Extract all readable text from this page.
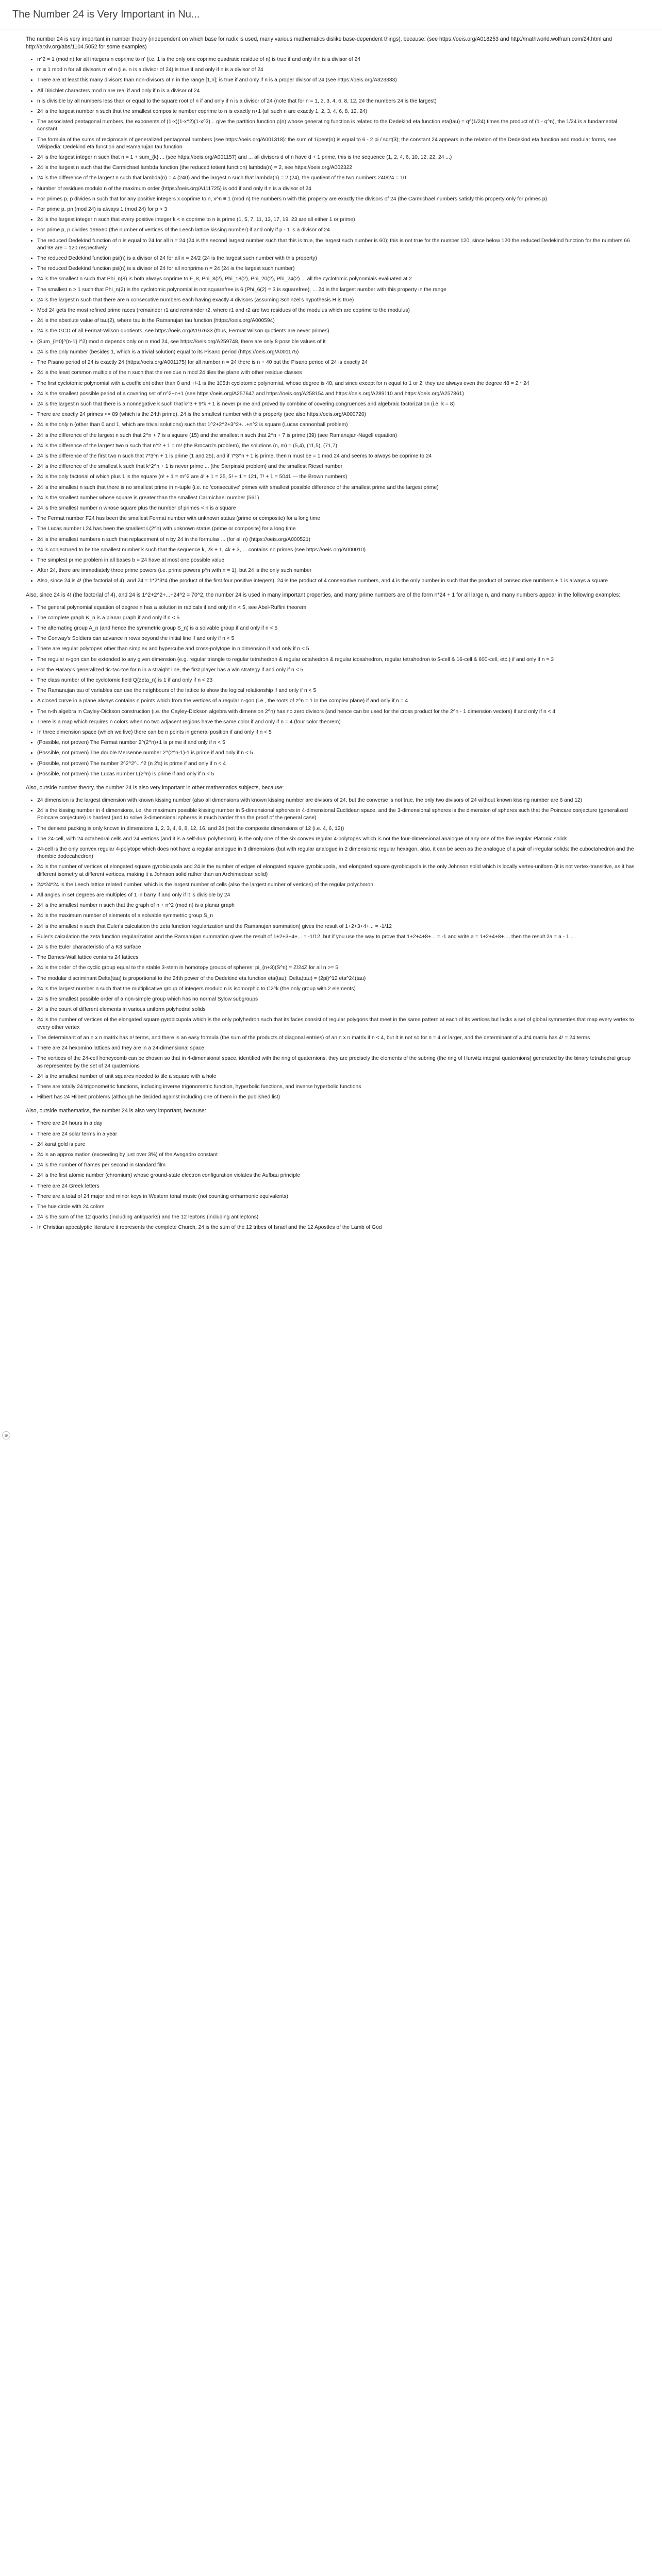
The Number 24 is Very Important in Nu...
⊕

The number 24 is very important in number theory (independent on which base for radix is used, many various mathematics dislike base-dependent things), because: (see https://oeis.org/A018253 and http://mathworld.wolfram.com/24.html and http://arxiv.org/abs/1104.5052 for some examples)

• n^2 = 1 (mod n) for all integers n coprime to n' (i.e. 1 is the only one coprime quadratic residue of n) is true if and only if n is a divisor of 24
• m ≡ 1 mod n for all divisors m of n (i.e. n is a divisor of 24) is true if and only if n is a divisor of 24
• There are at least this many divisors than non-divisors of n in the range [1,n]; is true if and only if n is a proper divisor of 24 (see https://oeis.org/A323383)
• All Dirichlet characters mod n are real if and only if n is a divisor of 24
• n is divisible by all numbers less than or equal to the square root of n if and only if n is a divisor of 24 (note that for n = 1, 2, 3, 4, 6, 8, 12, 24 the numbers 24 is the largest)
• 24 is the largest number n such that the smallest composite number coprime to n is exactly n+1 (all such n are exactly 1, 2, 3, 4, 6, 8, 12, 24)
• The associated pentagonal numbers, the exponents of (1-x)(1-x^2)(1-x^3)... give the partition function p(n) whose generating function is related to the Dedekind eta function eta(tau) = q^(1/24) times the product of (1 - q^n), the 1/24 is a fundamental constant
• The formula of the sums of reciprocals of generalized pentagonal numbers (see https://oeis.org/A001318): the sum of 1/pent(n) is equal to 6 - 2 pi / sqrt(3); the constant 24 appears in the relation of the Dedekind eta function and modular forms, see Wikipedia: Dedekind eta function and Ramanujan tau function
• 24 is the largest integer n such that n = 1 + sum_{k} ... (see https://oeis.org/A001157) and ... all divisors d of n have d + 1 prime, this is the sequence (1, 2, 4, 6, 10, 12, 22, 24 ...)
• 24 is the largest n such that the Carmichael lambda function (the reduced totient function) lambda(n) = 2, see https://oeis.org/A002322
• 24 is the difference of the largest n such that lambda(n) = 4 (240) and the largest n such that lambda(n) = 2 (24), the quotient of the two numbers 240/24 = 10
• Number of residues modulo n of the maximum order (https://oeis.org/A111725) is odd if and only if n is a divisor of 24
• For primes p, p divides n such that for any positive integers x coprime to n, x^n ≡ 1 (mod n) the numbers n with this property are exactly the divisors of 24 (the Carmichael numbers satisfy this property only for primes p)
• For prime p, pn (mod 24) is always 1 (mod 24) for p > 3
• 24 is the largest integer n such that every positive integer k < n coprime to n is prime (1, 5, 7, 11, 13, 17, 19, 23 are all either 1 or prime)
• For prime p, p divides 196560 (the number of vertices of the Leech lattice kissing number) if and only if p - 1 is a divisor of 24
• The reduced Dedekind function of n is equal to 24 for all n = 24 (24 is the second largest number such that this is true, the largest such number is 60); this is not true for the number 120, since below 120 the reduced Dedekind function for the numbers 66 and 98 are = 120 respectively
• The reduced Dedekind function psi(n) is a divisor of 24 for all n = 24/2 (24 is the largest such number with this property)
• The reduced Dedekind function psi(n) is a divisor of 24 for all nonprime n = 24 (24 is the largest such number)
• 24 is the smallest n such that Phi_n(8) is both always coprime to F_8, Phi_8(2), Phi_18(2), Phi_20(2), Phi_24(2) ... all the cyclotomic polynomials evaluated at 2
• The smallest n > 1 such that Phi_n(2) is the cyclotomic polynomial is not squarefree is 6 (Phi_6(2) = 3 is squarefree), ... 24 is the largest number with this property in the range
• 24 is the largest n such that there are n consecutive numbers each having exactly 4 divisors (assuming Schinzel's hypothesis H is true)
• Mod 24 gets the most refined prime races (remainder r1 and remainder r2, where r1 and r2 are two residues of the modulus which are coprime to the modulus)
• 24 is the absolute value of tau(2), where tau is the Ramanujan tau function (https://oeis.org/A000594)
• 24 is the GCD of all Fermat-Wilson quotients, see https://oeis.org/A197633 (thus, Fermat Wilson quotients are never primes)
• (Sum_{i=0}^{n-1} i^2) mod n depends only on n mod 24, see https://oeis.org/A259748, there are only 8 possible values of it
• 24 is the only number (besides 1, which is a trivial solution) equal to its Pisano period (https://oeis.org/A001175)
• The Pisano period of 24 is exactly 24 (https://oeis.org/A001175) for all number n = 24 there is n + 40 but the Pisano period of 24 is exactly 24
• 24 is the least common multiple of the n such that the residue n mod 24 tiles the plane with other residue classes
• The first cyclotomic polynomial with a coefficient other than 0 and +/-1 is the 105th cyclotomic polynomial, whose degree is 48, and since except for n equal to 1 or 2, they are always even the degree 48 = 2 * 24
• 24 is the smallest possible period of a covering set of n^2+n+1 (see https://oeis.org/A257647 and https://oeis.org/A258154 and https://oeis.org/A289110 and https://oeis.org/A257861)
• 24 is the largest n such that there is a nonnegative k such that k^3 + 9*k + 1 is never prime and proved by combine of covering congruences and algebraic factorization (i.e. k = 8)
• There are exactly 24 primes <= 89 (which is the 24th prime), 24 is the smallest number with this property (see also https://oeis.org/A000720)
• 24 is the only n (other than 0 and 1, which are trivial solutions) such that 1^2+2^2+3^2+...+n^2 is square (Lucas cannonball problem)
• 24 is the difference of the largest n such that 2^n + 7 is a square (15) and the smallest n such that 2^n + 7 is prime (39) (see Ramanujan-Nagell equation)
• 24 is the difference of the largest two n such that n^2 + 1 = m! (the Brocard's problem), the solutions (n, m) = (5,4), (11,5), (71,7)
• 24 is the difference of the first two n such that 7*3^n + 1 is prime (1 and 25), and if 7*3^n + 1 is prime, then n must be = 1 mod 24 and seems to always be coprime to 24
• 24 is the difference of the smallest k such that k*2^n + 1 is never prime ... (the Sierpinski problem) and the smallest Riesel number
• 24 is the only factorial of which plus 1 is the square (n! + 1 = m^2 are 4! + 1 = 25, 5! + 1 = 121, 7! + 1 = 5041 — the Brown numbers)
• 24 is the smallest n such that there is no smallest prime in n-tuple (i.e. no 'consecutive' primes with smallest possible difference of the smallest prime and the largest prime)
• 24 is the smallest number whose square is greater than the smallest Carmichael number (561)
• 24 is the smallest number n whose square plus the number of primes < n is a square
• The Fermat number F24 has been the smallest Fermat number with unknown status (prime or composite) for a long time
• The Lucas number L24 has been the smallest L(2^n) with unknown status (prime or composite) for a long time
• 24 is the smallest numbers n such that replacement of n by 24 in the formulas ... (for all n) (https://oeis.org/A000521)
• 24 is conjectured to be the smallest number k such that the sequence k, 2k + 1, 4k + 3, ... contains no primes (see https://oeis.org/A000010)
• The simplest prime problem in all bases b = 24 have at most one possible value
• After 24, there are immediately three prime powers (i.e. prime powers p^n with n = 1), but 24 is the only such number
• Also, since 24 is 4! (the factorial of 4), and 24 = 1*2*3*4 (the product of the first four positive integers), 24 is the product of 4 consecutive numbers, and 4 is the only number in such that the product of consecutive numbers + 1 is always a square

Also, since 24 is 4! (the factorial of 4), and 24 is 1^2+2^2+...+24^2 = 70^2, the number 24 is used in many important properties, and many prime numbers are of the form n*24 + 1 for all large n, and many numbers appear in the following examples:

• The general polynomial equation of degree n has a solution in radicals if and only if n < 5, see Abel-Ruffini theorem
• The complete graph K_n is a planar graph if and only if n < 5
• The alternating group A_n (and hence the symmetric group S_n) is a solvable group if and only if n < 5
• The Conway's Soldiers can advance n rows beyond the initial line if and only if n < 5
• There are regular polytopes other than simplex and hypercube and cross-polytope in n dimension if and only if n < 5
• The regular n-gon can be extended to any given dimension (e.g. regular triangle to regular tetrahedron & regular octahedron & regular icosahedron, regular tetrahedron to 5-cell & 16-cell & 600-cell, etc.) if and only if n = 3
• For the Harary's generalized tic-tac-toe for n in a straight line, the first player has a win strategy if and only if n < 5
• The class number of the cyclotomic field Q(zeta_n) is 1 if and only if n < 23
• The Ramanujan tau of variables can use the neighbours of the lattice to show the logical relationship if and only if n < 5
• A closed curve in a plane always contains n points which from the vertices of a regular n-gon (i.e., the roots of z^n = 1 in the complex plane) if and only if n = 4
• The n-th algebra in Cayley-Dickson construction (i.e. the Cayley-Dickson algebra with dimension 2^n) has no zero divisors (and hence can be used for the cross product for the 2^n - 1 dimension vectors) if and only if n < 4
• There is a map which requires n colors when no two adjacent regions have the same color if and only if n = 4 (four color theorem)
• In three dimension space (which we live) there can be n points in general position if and only if n < 5
• (Possible, not proven) The Fermat number 2^(2^n)+1 is prime if and only if n < 5
• (Possible, not proven) The double Mersenne number 2^(2^n-1)-1 is prime if and only if n < 5
• (Possible, not proven) The number 2^2^2^...^2 (n 2's) is prime if and only if n < 4
• (Possible, not proven) The Lucas number L(2^n) is prime if and only if n < 5

Also, outside number theory, the number 24 is also very important in other mathematics subjects, because:

• 24 dimension is the largest dimension with known kissing number (also all dimensions with known kissing number are divisors of 24, but the converse is not true, the only two divisors of 24 without known kissing number are 6 and 12)
• 24 is the kissing number in 4 dimensions, i.e. the maximum possible kissing number in 5-dimensional spheres in 4-dimensional Euclidean space, and the 3-dimensional spheres is the dimension of spheres such that the Poincare conjecture (generalized Poincare conjecture) is hardest (and to solve 3-dimensional spheres is much harder than the proof of the general case)
• The densest packing is only known in dimensions 1, 2, 3, 4, 6, 8, 12, 16, and 24 (not the composite dimensions of 12 (i.e. 4, 6, 12))
• The 24-cell, with 24 octahedral cells and 24 vertices (and it is a self-dual polyhedron), is the only one of the six convex regular 4-polytopes which is not the four-dimensional analogue of any one of the five regular Platonic solids
• 24-cell is the only convex regular 4-polytope which does not have a regular analogue in 3 dimensions (but with regular analogue in 2 dimensions: regular hexagon, also, it can be seen as the analogue of a pair of irregular solids: the cuboctahedron and the rhombic dodecahedron)
• 24 is the number of vertices of elongated square gyrobicupola and 24 is the number of edges of elongated square gyrobicupola, and elongated square gyrobicupola is the only Johnson solid which is locally vertex-uniform (it is not vertex-transitive, as it has different isometry at different vertices, making it a Johnson solid rather than an Archimedean solid)
• 24*24*24 is the Leech lattice related number, which is the largest number of cells (also the largest number of vertices) of the regular polychoron
• All angles in set degrees are multiples of 1 in barry if and only if it is divisible by 24
• 24 is the smallest number n such that the graph of n + n^2 (mod n) is a planar graph
• 24 is the maximum number of elements of a solvable symmetric group S_n
• 24 is the smallest n such that Euler's calculation the zeta function regularization and the Ramanujan summation) gives the result of 1+2+3+4+... = -1/12
• Euler's calculation the zeta function regularization and the Ramanujan summation gives the result of 1+2+3+4+... = -1/12, but if you use the way to prove that 1+2+4+8+... = -1 and write a = 1+2+4+8+..., then the result 2a = a - 1 ...
• 24 is the Euler characteristic of a K3 surface
• The Barnes-Wall lattice contains 24 lattices
• 24 is the order of the cyclic group equal to the stable 3-stem in homotopy groups of spheres: pi_(n+3)(S^n) = Z/24Z for all n >= 5
• The modular discriminant Delta(tau) is proportional to the 24th power of the Dedekind eta function eta(tau): Delta(tau) = (2pi)^12 eta^24(tau)
• 24 is the largest number n such that the multiplicative group of integers modulo n is isomorphic to C2^k (the only group with 2 elements)
• 24 is the smallest possible order of a non-simple group which has no normal Sylow subgroups
• 24 is the count of different elements in various uniform polyhedral solids
• 24 is the number of vertices of the elongated square gyrobicupola which is the only polyhedron such that its faces consist of regular polygons that meet in the same pattern at each of its vertices but lacks a set of global symmetries that map every vertex to every other vertex
• The determinant of an n x n matrix has n! terms, and there is an easy formula (the sum of the products of diagonal entries) of an n x n matrix if n < 4, but it is not so for n = 4 or larger, and the determinant of a 4*4 matrix has 4! = 24 terms
• There are 24 hexomino lattices and they are in a 24-dimensional space
• The vertices of the 24-cell honeycomb can be chosen so that in 4-dimensional space, identified with the ring of quaternions, they are precisely the elements of the subring (the ring of Hurwitz integral quaternions) generated by the binary tetrahedral group as represented by the set of 24 quaternions
• 24 is the smallest number of unit squares needed to tile a square with a hole
• There are totally 24 trigonometric functions, including inverse trigonometric function, hyperbolic functions, and inverse hyperbolic functions
• Hilbert has 24 Hilbert problems (although he decided against including one of them in the published list)

Also, outside mathematics, the number 24 is also very important, because:

• There are 24 hours in a day
• There are 24 solar terms in a year
• 24 karat gold is pure
• 24 is an approximation (exceeding by just over 3%) of the Avogadro constant
• 24 is the number of frames per second in standard film
• 24 is the first atomic number (chromium) whose ground-state electron configuration violates the Aufbau principle
• There are 24 Greek letters
• There are a total of 24 major and minor keys in Western tonal music (not counting enharmonic equivalents)
• The hue circle with 24 colors
• 24 is the sum of the 12 quarks (including antiquarks) and the 12 leptons (including antileptons)
• In Christian apocalyptic literature it represents the complete Church, 24 is the sum of the 12 tribes of Israel and the 12 Apostles of the Lamb of God
